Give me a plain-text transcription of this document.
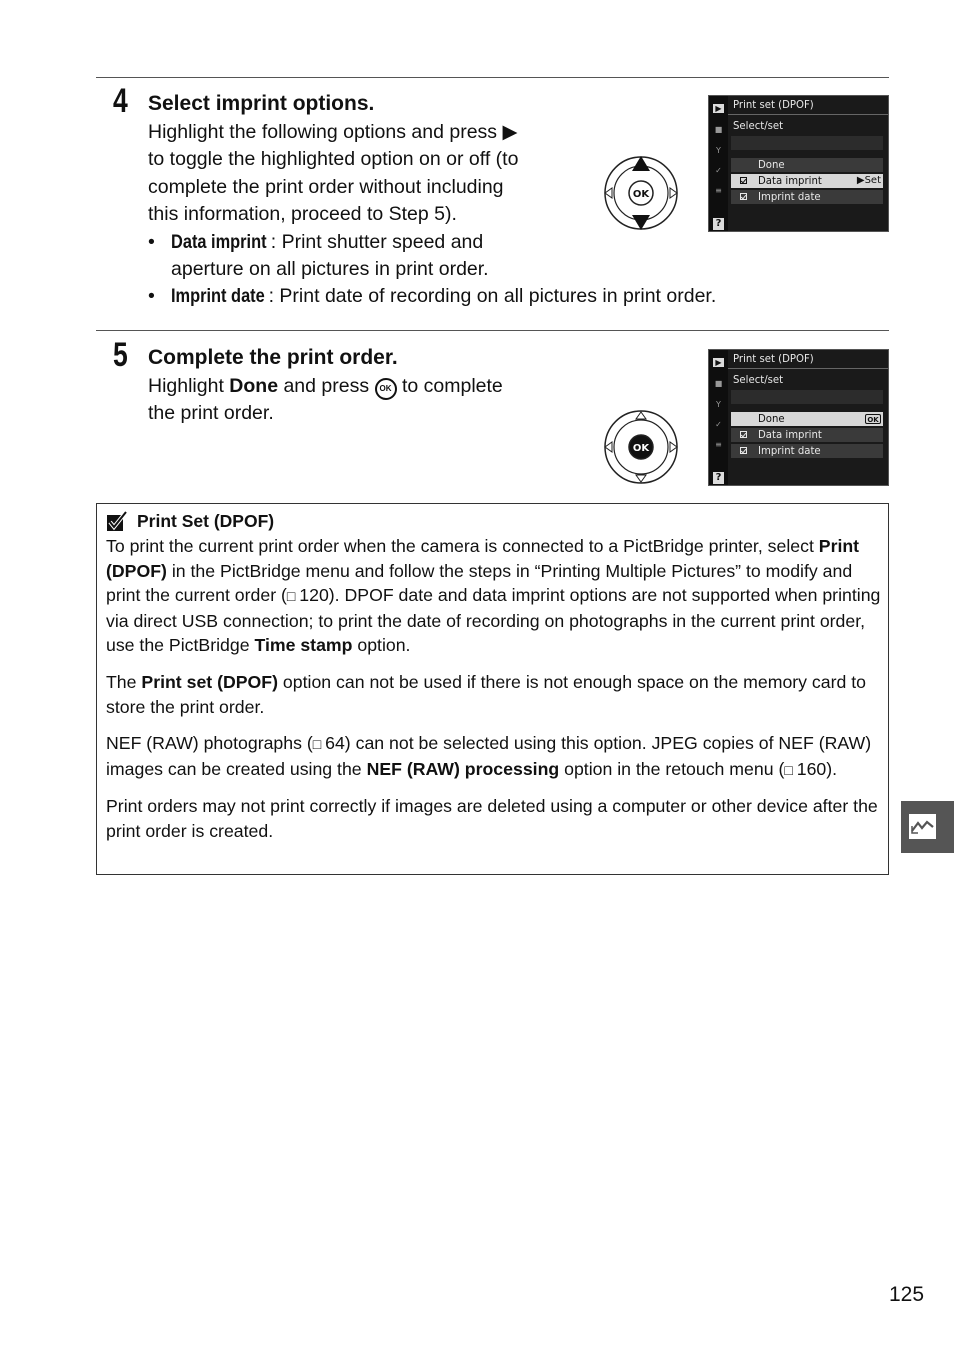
4 Select imprint options.

Highlight the following options and press ▶

to toggle the highlighted option on or off (to

complete the print order without including

this information, proceed to Step 5).

• Data imprint : Print shutter speed and
aperture on all pictures in print order.
• Imprint date : Print date of recording on all pictures in print order.
OK
▶
■
Y
✓
≡
?
Print set (DPOF)
Select/set
Done
Data imprint	▶Set
Imprint date
5 Complete the print order.

Highlight Done and press OK to complete

the print order.

OK
▶
■
Y
✓
≡
?
Print set (DPOF)
Select/set
Done	OK
Data imprint
Imprint date
Print Set (DPOF)

To print the current print order when the camera is connected to a PictBridge printer, select Print (DPOF) in the PictBridge menu and follow the steps in “Printing Multiple Pictures” to modify and print the current order (□ 120). DPOF date and data imprint options are not supported when printing via direct USB connection; to print the date of recording on photographs in the current print order, use the PictBridge Time stamp option.

The Print set (DPOF) option can not be used if there is not enough space on the memory card to store the print order.

NEF (RAW) photographs (□ 64) can not be selected using this option. JPEG copies of NEF (RAW) images can be created using the NEF (RAW) processing option in the retouch menu (□ 160).

Print orders may not print correctly if images are deleted using a computer or other device after the print order is created.

125
